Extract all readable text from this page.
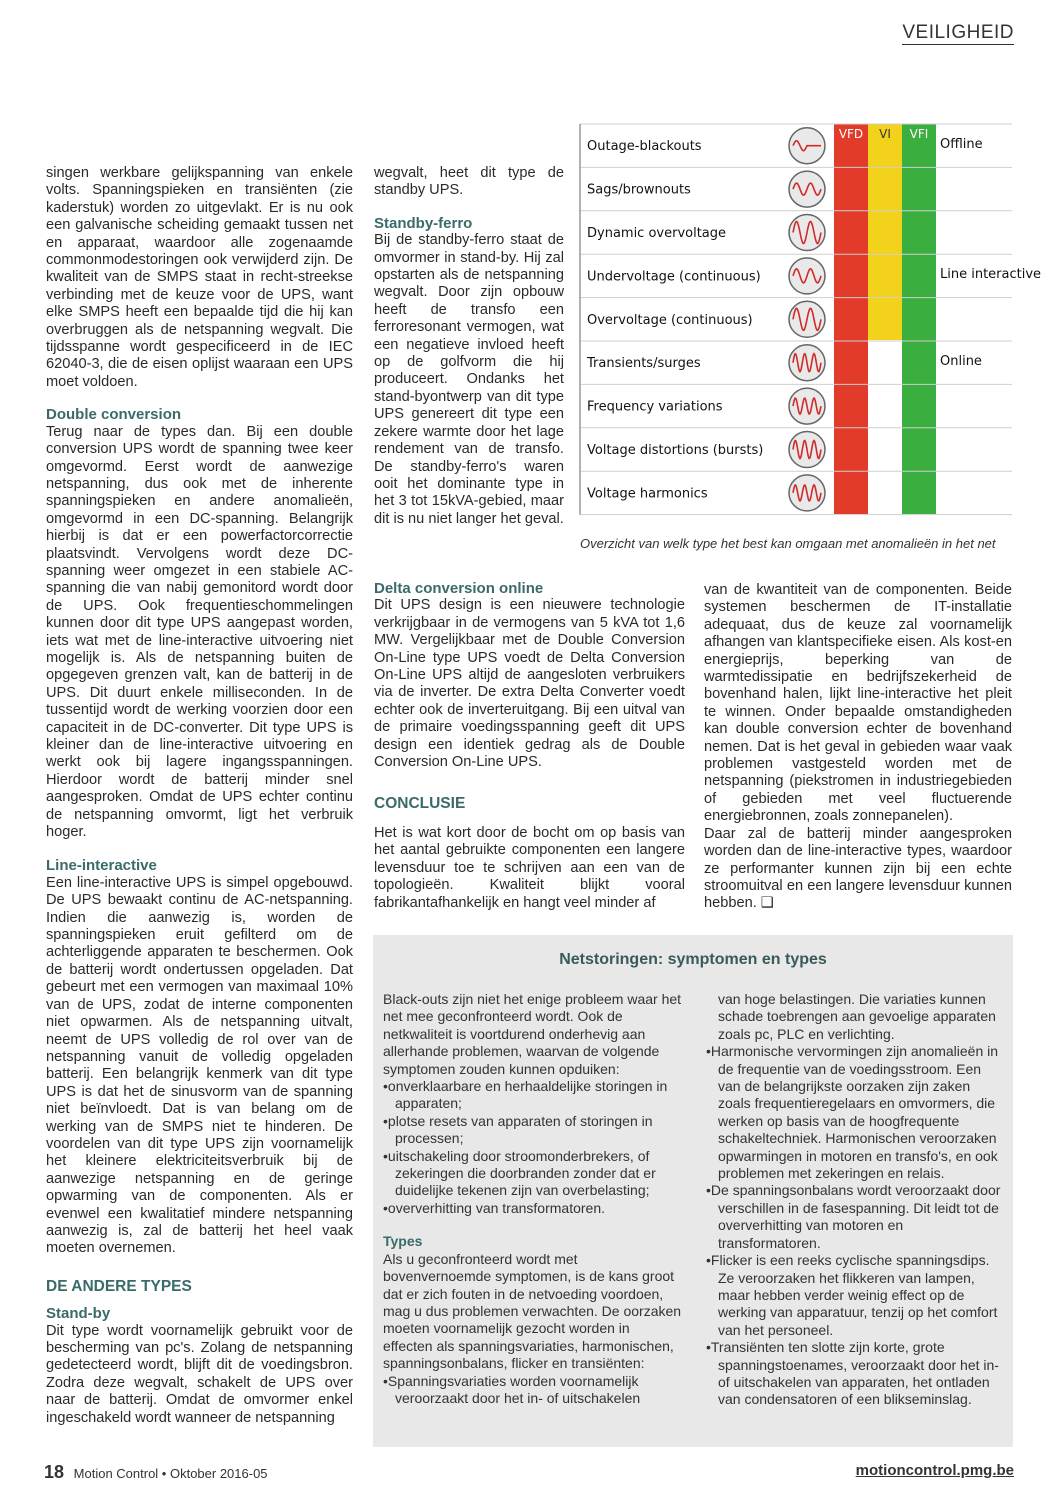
VEILIGHEID

singen werkbare gelijkspanning van enkele volts. Spanningspieken en transiënten (zie kaderstuk) worden zo uitgevlakt. Er is nu ook een galvanische scheiding gemaakt tussen net en apparaat, waardoor alle zogenaamde commonmodestoringen ook verwijderd zijn. De kwaliteit van de SMPS staat in recht-streekse verbinding met de keuze voor de UPS, want elke SMPS heeft een bepaalde tijd die hij kan overbruggen als de netspanning wegvalt. Die tijdsspanne wordt gespecificeerd in de IEC 62040-3, die de eisen oplijst waaraan een UPS moet voldoen.

Double conversion

Terug naar de types dan. Bij een double conversion UPS wordt de spanning twee keer omgevormd. Eerst wordt de aanwezige netspanning, dus ook met de inherente spanningspieken en andere anomalieën, omgevormd in een DC-spanning. Belangrijk hierbij is dat er een powerfactorcorrectie plaatsvindt. Vervolgens wordt deze DC-spanning weer omgezet in een stabiele AC-spanning die van nabij gemonitord wordt door de UPS. Ook frequentieschommelingen kunnen door dit type UPS aangepast worden, iets wat met de line-interactive uitvoering niet mogelijk is. Als de netspanning buiten de opgegeven grenzen valt, kan de batterij in de UPS. Dit duurt enkele milliseconden. In de tussentijd wordt de werking voorzien door een capaciteit in de DC-converter. Dit type UPS is kleiner dan de line-interactive uitvoering en werkt ook bij lagere ingangsspanningen. Hierdoor wordt de batterij minder snel aangesproken. Omdat de UPS echter continu de netspanning omvormt, ligt het verbruik hoger.

Line-interactive

Een line-interactive UPS is simpel opgebouwd. De UPS bewaakt continu de AC-netspanning. Indien die aanwezig is, worden de spanningspieken eruit gefilterd om de achterliggende apparaten te beschermen. Ook de batterij wordt ondertussen opgeladen. Dat gebeurt met een vermogen van maximaal 10% van de UPS, zodat de interne componenten niet opwarmen. Als de netspanning uitvalt, neemt de UPS volledig de rol over van de netspanning vanuit de volledig opgeladen batterij. Een belangrijk kenmerk van dit type UPS is dat het de sinusvorm van de spanning niet beïnvloedt. Dat is van belang om de werking van de SMPS niet te hinderen. De voordelen van dit type UPS zijn voornamelijk het kleinere elektriciteitsverbruik bij de aanwezige netspanning en de geringe opwarming van de componenten. Als er evenwel een kwalitatief mindere netspanning aanwezig is, zal de batterij het heel vaak moeten overnemen.

DE ANDERE TYPES

Stand-by

Dit type wordt voornamelijk gebruikt voor de bescherming van pc's. Zolang de netspanning gedetecteerd wordt, blijft dit de voedingsbron. Zodra deze wegvalt, schakelt de UPS over naar de batterij. Omdat de omvormer enkel ingeschakeld wordt wanneer de netspanning

wegvalt, heet dit type de standby UPS.

Standby-ferro

Bij de standby-ferro staat de omvormer in stand-by. Hij zal opstarten als de netspanning wegvalt. Door zijn opbouw heeft de transfo een ferroresonant vermogen, wat een negatieve invloed heeft op de golfvorm die hij produceert. Ondanks het stand-byontwerp van dit type UPS genereert dit type een zekere warmte door het lage rendement van de transfo. De standby-ferro's waren ooit het dominante type in het 3 tot 15kVA-gebied, maar dit is nu niet langer het geval.

VFD VI VFI
Offline
Line interactive
Online
Outage-blackouts
Sags/brownouts
Dynamic overvoltage
Undervoltage (continuous)
Overvoltage (continuous)
Transients/surges
Frequency variations
Voltage distortions (bursts)
Voltage harmonics
Overzicht van welk type het best kan omgaan met anomalieën in het net

Delta conversion online

Dit UPS design is een nieuwere technologie verkrijgbaar in de vermogens van 5 kVA tot 1,6 MW. Vergelijkbaar met de Double Conversion On-Line type UPS voedt de Delta Conversion On-Line UPS altijd de aangesloten verbruikers via de inverter. De extra Delta Converter voedt echter ook de inverteruitgang. Bij een uitval van de primaire voedingsspanning geeft dit UPS design een identiek gedrag als de Double Conversion On-Line UPS.

CONCLUSIE

Het is wat kort door de bocht om op basis van het aantal gebruikte componenten een langere levensduur toe te schrijven aan een van de topologieën. Kwaliteit blijkt vooral fabrikantafhankelijk en hangt veel minder af

van de kwantiteit van de componenten. Beide systemen beschermen de IT-installatie adequaat, dus de keuze zal voornamelijk afhangen van klantspecifieke eisen. Als kost-en energieprijs, beperking van de warmtedissipatie en bedrijfszekerheid de bovenhand halen, lijkt line-interactive het pleit te winnen. Onder bepaalde omstandigheden kan double conversion echter de bovenhand nemen. Dat is het geval in gebieden waar vaak problemen vastgesteld worden met de netspanning (piekstromen in industriegebieden of gebieden met veel fluctuerende energiebronnen, zoals zonnepanelen).

Daar zal de batterij minder aangesproken worden dan de line-interactive types, waardoor ze performanter kunnen zijn bij een echte stroomuitval en een langere levensduur kunnen hebben. ❑

Netstoringen: symptomen en types

Black-outs zijn niet het enige probleem waar het net mee geconfronteerd wordt. Ook de netkwaliteit is voortdurend onderhevig aan allerhande problemen, waarvan de volgende symptomen zouden kunnen opduiken:

•onverklaarbare en herhaaldelijke storingen in apparaten;

•plotse resets van apparaten of storingen in processen;

•uitschakeling door stroomonderbrekers, of zekeringen die doorbranden zonder dat er duidelijke tekenen zijn van overbelasting;

•oververhitting van transformatoren.

Types

Als u geconfronteerd wordt met bovenvernoemde symptomen, is de kans groot dat er zich fouten in de netvoeding voordoen, mag u dus problemen verwachten. De oorzaken moeten voornamelijk gezocht worden in effecten als spanningsvariaties, harmonischen, spanningsonbalans, flicker en transiënten:

•Spanningsvariaties worden voornamelijk veroorzaakt door het in- of uitschakelen

van hoge belastingen. Die variaties kunnen schade toebrengen aan gevoelige apparaten zoals pc, PLC en verlichting.

•Harmonische vervormingen zijn anomalieën in de frequentie van de voedingsstroom. Een van de belangrijkste oorzaken zijn zaken zoals frequentieregelaars en omvormers, die werken op basis van de hoogfrequente schakeltechniek. Harmonischen veroorzaken opwarmingen in motoren en transfo's, en ook problemen met zekeringen en relais.

•De spanningsonbalans wordt veroorzaakt door verschillen in de fasespanning. Dit leidt tot de oververhitting van motoren en transformatoren.

•Flicker is een reeks cyclische spanningsdips. Ze veroorzaken het flikkeren van lampen, maar hebben verder weinig effect op de werking van apparatuur, tenzij op het comfort van het personeel.

•Transiënten ten slotte zijn korte, grote spanningstoenames, veroorzaakt door het in- of uitschakelen van apparaten, het ontladen van condensatoren of een blikseminslag.

18 Motion Control • Oktober 2016-05	motioncontrol.pmg.be
